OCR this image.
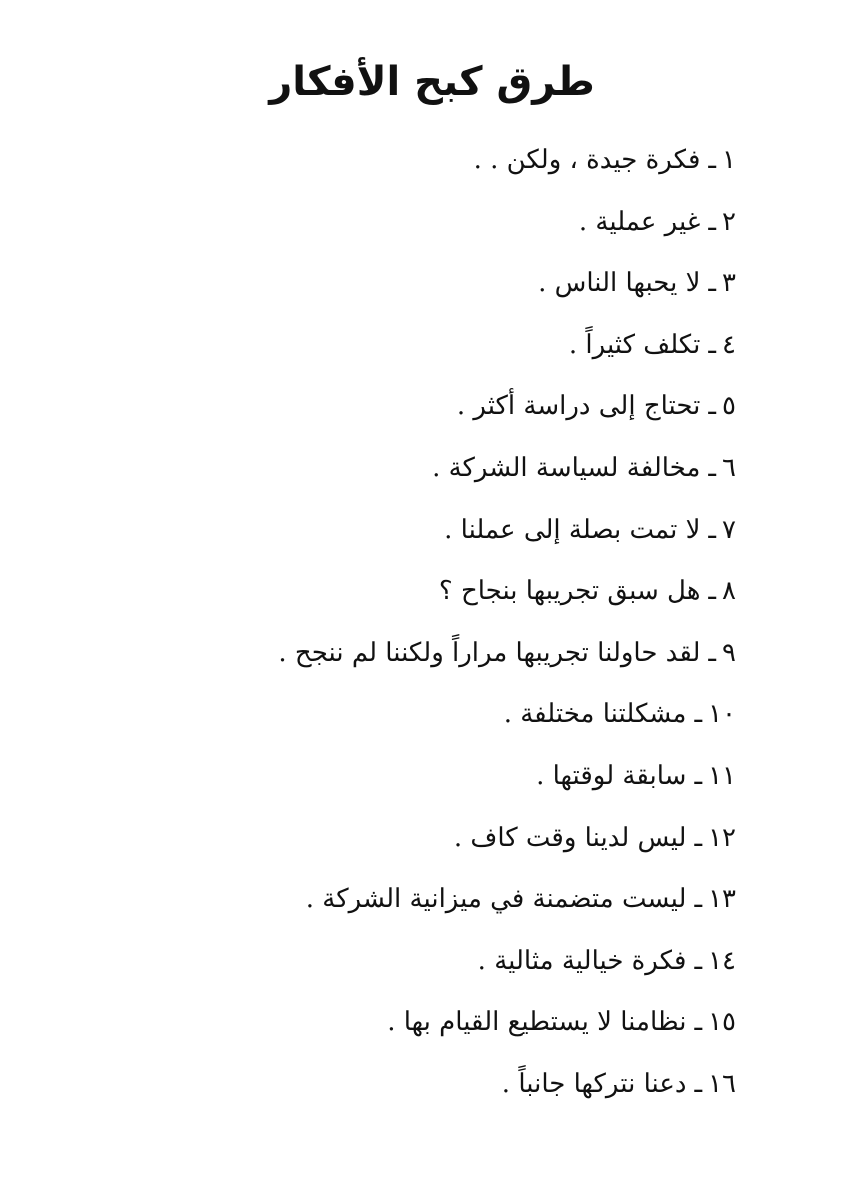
طرق كبح الأفكار
١ـفكرة جيدة ، ولكن . .
٢ـغير عملية .
٣ـلا يحبها الناس .
٤ـتكلف كثيراً .
٥ـتحتاج إلى دراسة أكثر .
٦ـمخالفة لسياسة الشركة .
٧ـلا تمت بصلة إلى عملنا .
٨ـهل سبق تجريبها بنجاح ؟
٩ـلقد حاولنا تجريبها مراراً ولكننا لم ننجح .
١٠ـمشكلتنا مختلفة .
١١ـسابقة لوقتها .
١٢ـليس لدينا وقت كاف .
١٣ـليست متضمنة في ميزانية الشركة .
١٤ـفكرة خيالية مثالية .
١٥ـنظامنا لا يستطيع القيام بها .
١٦ـدعنا نتركها جانباً .
